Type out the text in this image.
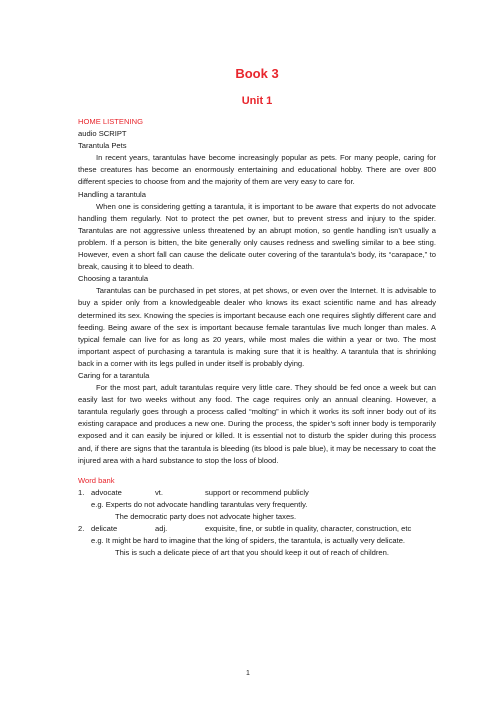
Book 3
Unit 1

HOME LISTENING

audio SCRIPT

Tarantula Pets

In recent years, tarantulas have become increasingly popular as pets. For many people, caring for these creatures has become an enormously entertaining and educational hobby. There are over 800 different species to choose from and the majority of them are very easy to care for.

Handling a tarantula

When one is considering getting a tarantula, it is important to be aware that experts do not advocate handling them regularly. Not to protect the pet owner, but to prevent stress and injury to the spider. Tarantulas are not aggressive unless threatened by an abrupt motion, so gentle handling isn’t usually a problem. If a person is bitten, the bite generally only causes redness and swelling similar to a bee sting. However, even a short fall can cause the delicate outer covering of the tarantula’s body, its “carapace,” to break, causing it to bleed to death.

Choosing a tarantula

Tarantulas can be purchased in pet stores, at pet shows, or even over the Internet. It is advisable to buy a spider only from a knowledgeable dealer who knows its exact scientific name and has already determined its sex. Knowing the species is important because each one requires slightly different care and feeding. Being aware of the sex is important because female tarantulas live much longer than males. A typical female can live for as long as 20 years, while most males die within a year or two. The most important aspect of purchasing a tarantula is making sure that it is healthy. A tarantula that is shrinking back in a corner with its legs pulled in under itself is probably dying.

Caring for a tarantula

For the most part, adult tarantulas require very little care. They should be fed once a week but can easily last for two weeks without any food. The cage requires only an annual cleaning. However, a tarantula regularly goes through a process called “molting” in which it works its soft inner body out of its existing carapace and produces a new one. During the process, the spider’s soft inner body is temporarily exposed and it can easily be injured or killed. It is essential not to disturb the spider during this process and, if there are signs that the tarantula is bleeding (its blood is pale blue), it may be necessary to coat the injured area with a hard substance to stop the loss of blood.

Word bank

1. advocate	vt.	support or recommend publicly

e.g. Experts do not advocate handling tarantulas very frequently.

The democratic party does not advocate higher taxes.

2. delicate	adj.	exquisite, fine, or subtle in quality, character, construction, etc

e.g. It might be hard to imagine that the king of spiders, the tarantula, is actually very delicate.

This is such a delicate piece of art that you should keep it out of reach of children.

1
